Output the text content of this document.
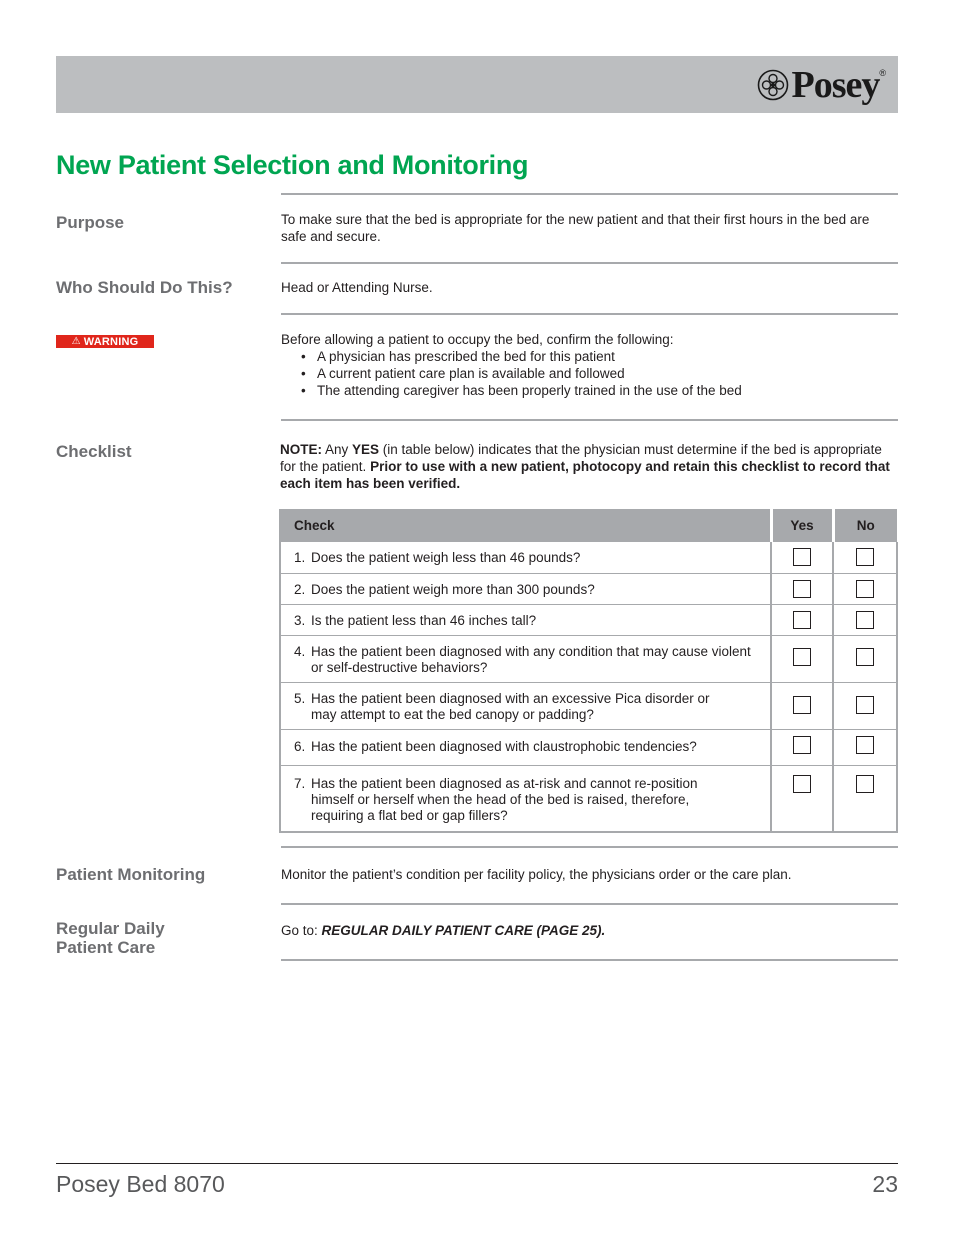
Posey ®
New Patient Selection and Monitoring
Purpose	To make sure that the bed is appropriate for the new patient and that their first hours in the bed are safe and secure.
Who Should Do This?	Head or Attending Nurse.
⚠ WARNING	Before allowing a patient to occupy the bed, confirm the following:
• A physician has prescribed the bed for this patient
• A current patient care plan is available and followed
• The attending caregiver has been properly trained in the use of the bed
Checklist	NOTE: Any YES (in table below) indicates that the physician must determine if the bed is appropriate for the patient. Prior to use with a new patient, photocopy and retain this checklist to record that each item has been verified.
Check	Yes	No

1. Does the patient weigh less than 46 pounds?		

2. Does the patient weigh more than 300 pounds?		

3. Is the patient less than 46 inches tall?		

4. Has the patient been diagnosed with any condition that may cause violent or self-destructive behaviors?		

5. Has the patient been diagnosed with an excessive Pica disorder or may attempt to eat the bed canopy or padding?		

6. Has the patient been diagnosed with claustrophobic tendencies?		

7. Has the patient been diagnosed as at-risk and cannot re-position himself or herself when the head of the bed is raised, therefore, requiring a flat bed or gap fillers?		

Patient Monitoring	Monitor the patient’s condition per facility policy, the physicians order or the care plan.
Regular Daily
Patient Care
Go to: REGULAR DAILY PATIENT CARE (PAGE 25).
Posey Bed 8070	23
